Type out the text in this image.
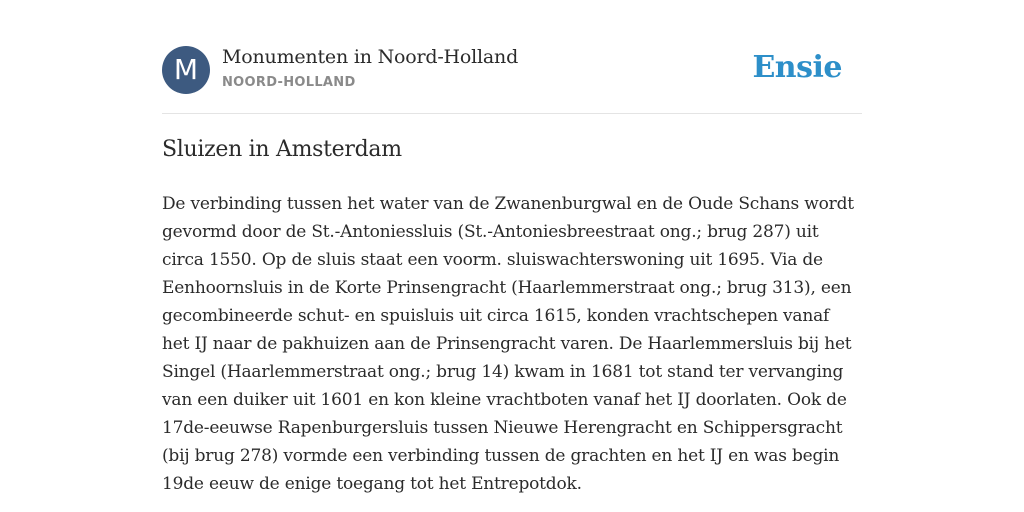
M	Monumenten in Noord-Holland
NOORD-HOLLAND	Ensie
Sluizen in Amsterdam
De verbinding tussen het water van de Zwanenburgwal en de Oude Schans wordt
gevormd door de St.-Antoniessluis (St.-Antoniesbreestraat ong.; brug 287) uit
circa 1550. Op de sluis staat een voorm. sluiswachterswoning uit 1695. Via de
Eenhoornsluis in de Korte Prinsengracht (Haarlemmerstraat ong.; brug 313), een
gecombineerde schut- en spuisluis uit circa 1615, konden vrachtschepen vanaf
het IJ naar de pakhuizen aan de Prinsengracht varen. De Haarlemmersluis bij het
Singel (Haarlemmerstraat ong.; brug 14) kwam in 1681 tot stand ter vervanging
van een duiker uit 1601 en kon kleine vrachtboten vanaf het IJ doorlaten. Ook de
17de-eeuwse Rapenburgersluis tussen Nieuwe Herengracht en Schippersgracht
(bij brug 278) vormde een verbinding tussen de grachten en het IJ en was begin
19de eeuw de enige toegang tot het Entrepotdok.
